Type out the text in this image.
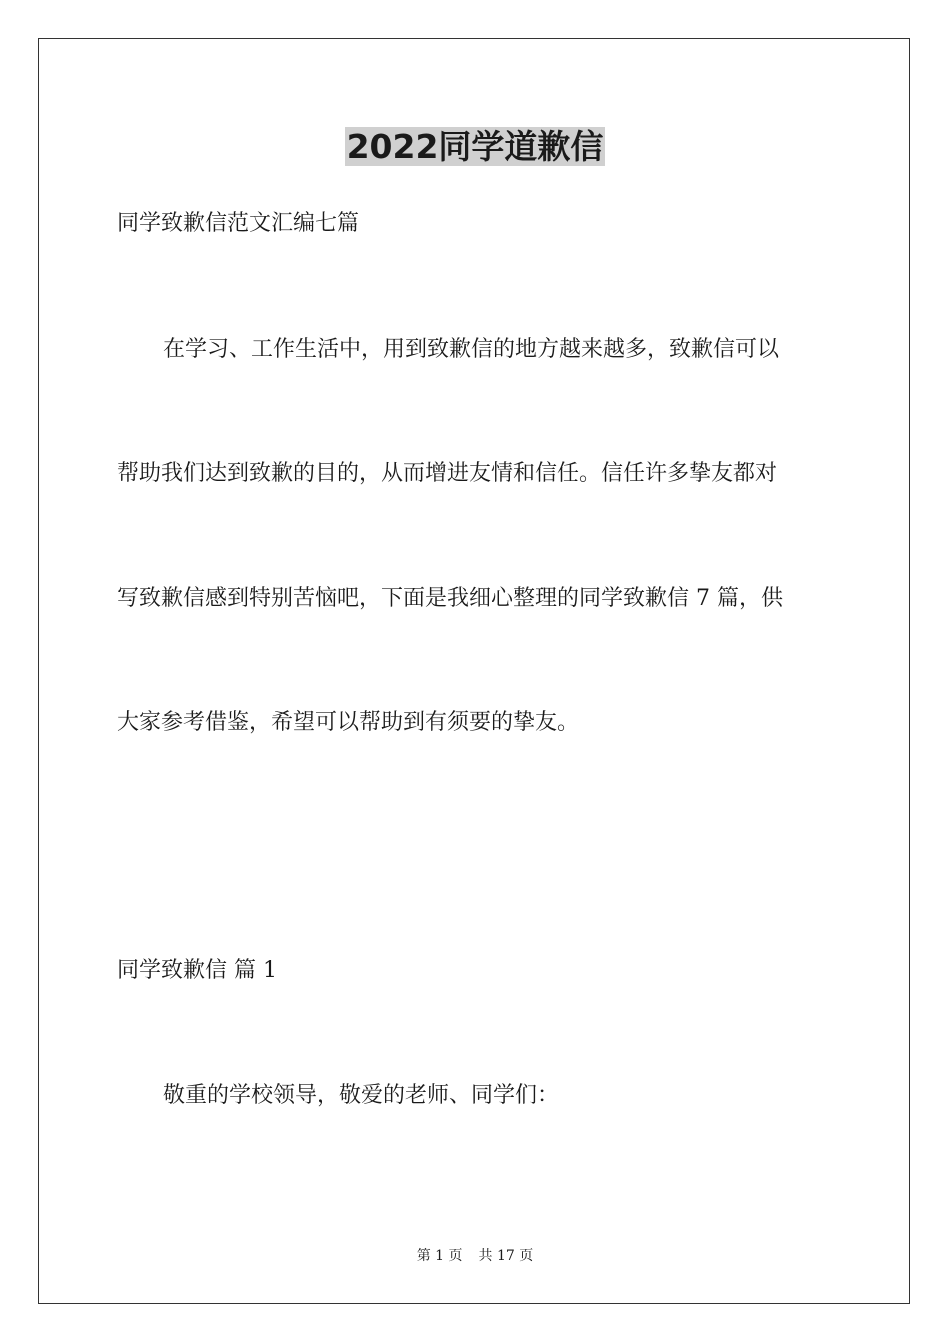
2022同学道歉信
同学致歉信范文汇编七篇
在学习、工作生活中，用到致歉信的地方越来越多，致歉信可以
帮助我们达到致歉的目的，从而增进友情和信任。信任许多挚友都对
写致歉信感到特别苦恼吧，下面是我细心整理的同学致歉信 7 篇，供
大家参考借鉴，希望可以帮助到有须要的挚友。
同学致歉信 篇 1
敬重的学校领导，敬爱的老师、同学们：
第 1 页 共 17 页
